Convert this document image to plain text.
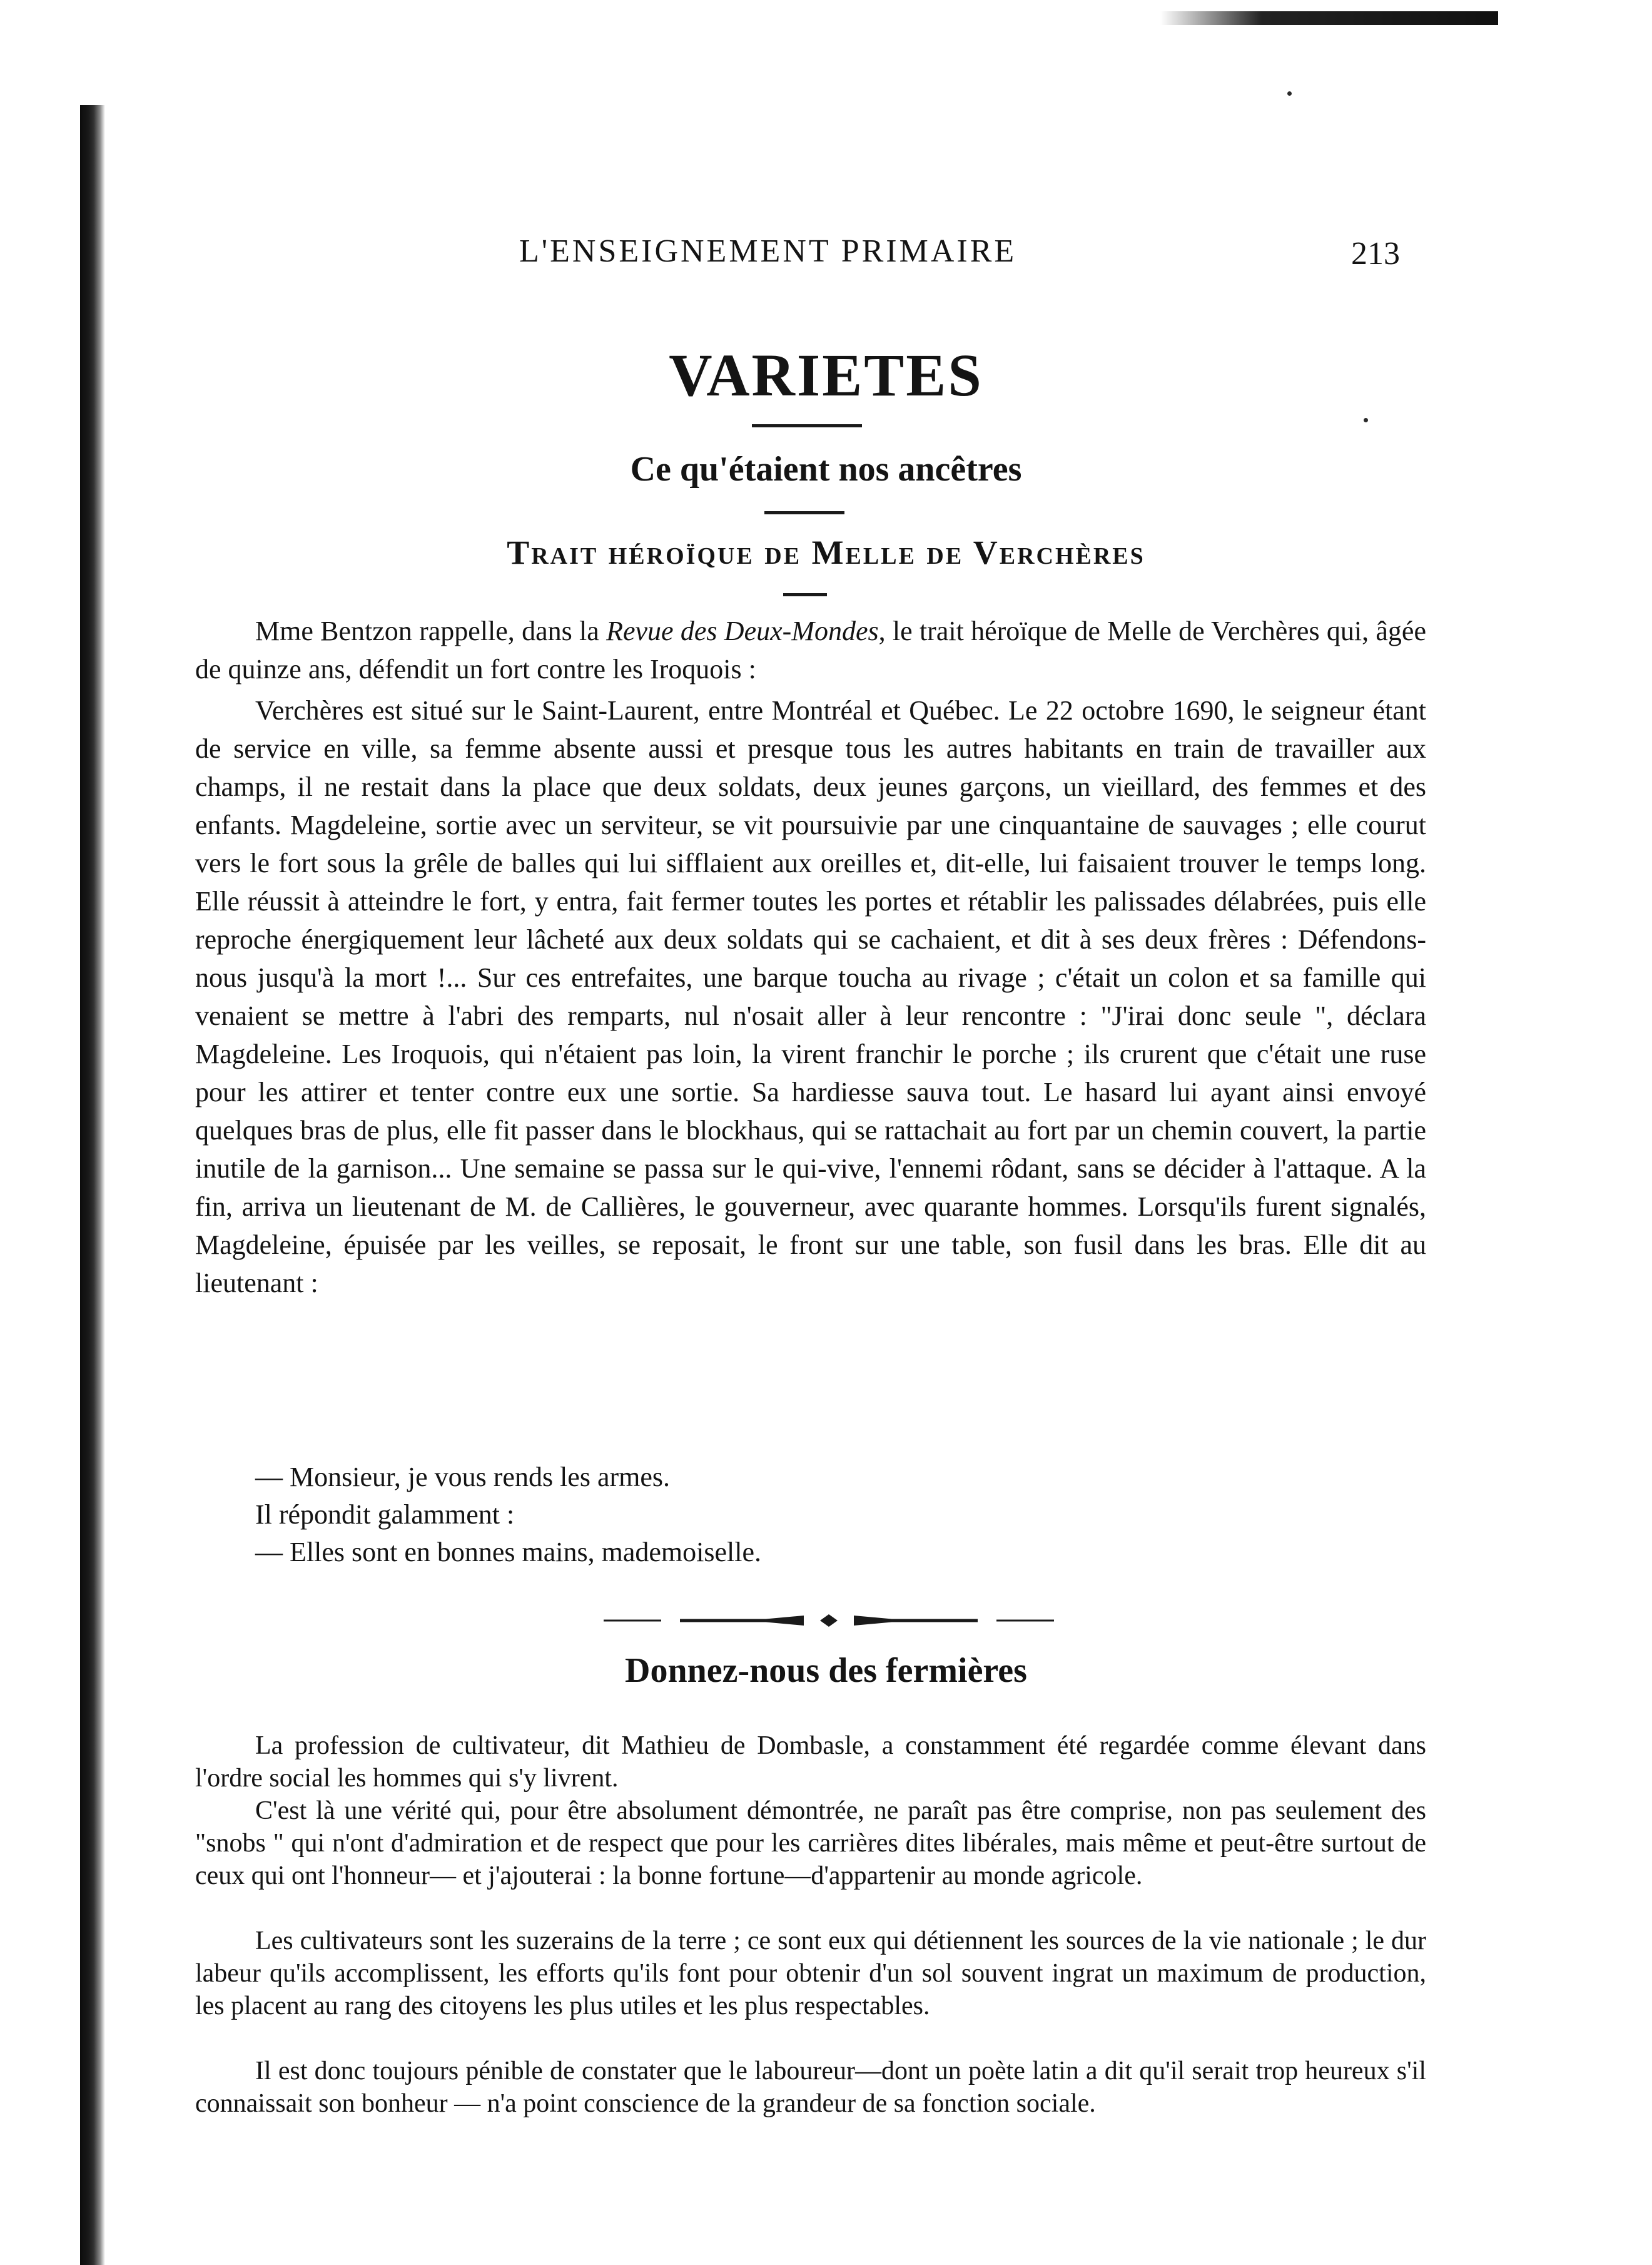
L'ENSEIGNEMENT PRIMAIRE	213
VARIETES
Ce qu'étaient nos ancêtres
Trait héroïque de Melle de Verchères

Mme Bentzon rappelle, dans la Revue des Deux-Mondes, le trait héroïque de Melle de Verchères qui, âgée de quinze ans, défendit un fort contre les Iroquois :

Verchères est situé sur le Saint-Laurent, entre Montréal et Québec. Le 22 octobre 1690, le seigneur étant de service en ville, sa femme absente aussi et presque tous les autres habitants en train de travailler aux champs, il ne restait dans la place que deux soldats, deux jeunes garçons, un vieillard, des femmes et des enfants. Magdeleine, sortie avec un serviteur, se vit poursuivie par une cinquantaine de sauvages ; elle courut vers le fort sous la grêle de balles qui lui sifflaient aux oreilles et, dit-elle, lui faisaient trouver le temps long. Elle réussit à atteindre le fort, y entra, fait fermer toutes les portes et rétablir les palissades délabrées, puis elle reproche énergiquement leur lâcheté aux deux soldats qui se cachaient, et dit à ses deux frères : Défendons-nous jusqu'à la mort !... Sur ces entrefaites, une barque toucha au rivage ; c'était un colon et sa famille qui venaient se mettre à l'abri des remparts, nul n'osait aller à leur rencontre : "J'irai donc seule ", déclara Magdeleine. Les Iroquois, qui n'étaient pas loin, la virent franchir le porche ; ils crurent que c'était une ruse pour les attirer et tenter contre eux une sortie. Sa hardiesse sauva tout. Le hasard lui ayant ainsi envoyé quelques bras de plus, elle fit passer dans le blockhaus, qui se rattachait au fort par un chemin couvert, la partie inutile de la garnison... Une semaine se passa sur le qui-vive, l'ennemi rôdant, sans se décider à l'attaque. A la fin, arriva un lieutenant de M. de Callières, le gouverneur, avec quarante hommes. Lorsqu'ils furent signalés, Magdeleine, épuisée par les veilles, se reposait, le front sur une table, son fusil dans les bras. Elle dit au lieutenant :

— Monsieur, je vous rends les armes.

Il répondit galamment :

— Elles sont en bonnes mains, mademoiselle.

Donnez-nous des fermières

La profession de cultivateur, dit Mathieu de Dombasle, a constamment été regardée comme élevant dans l'ordre social les hommes qui s'y livrent.

C'est là une vérité qui, pour être absolument démontrée, ne paraît pas être comprise, non pas seulement des "snobs " qui n'ont d'admiration et de respect que pour les carrières dites libérales, mais même et peut-être surtout de ceux qui ont l'honneur— et j'ajouterai : la bonne fortune—d'appartenir au monde agricole.

Les cultivateurs sont les suzerains de la terre ; ce sont eux qui détiennent les sources de la vie nationale ; le dur labeur qu'ils accomplissent, les efforts qu'ils font pour obtenir d'un sol souvent ingrat un maximum de production, les placent au rang des citoyens les plus utiles et les plus respectables.

Il est donc toujours pénible de constater que le laboureur—dont un poète latin a dit qu'il serait trop heureux s'il connaissait son bonheur — n'a point conscience de la grandeur de sa fonction sociale.
